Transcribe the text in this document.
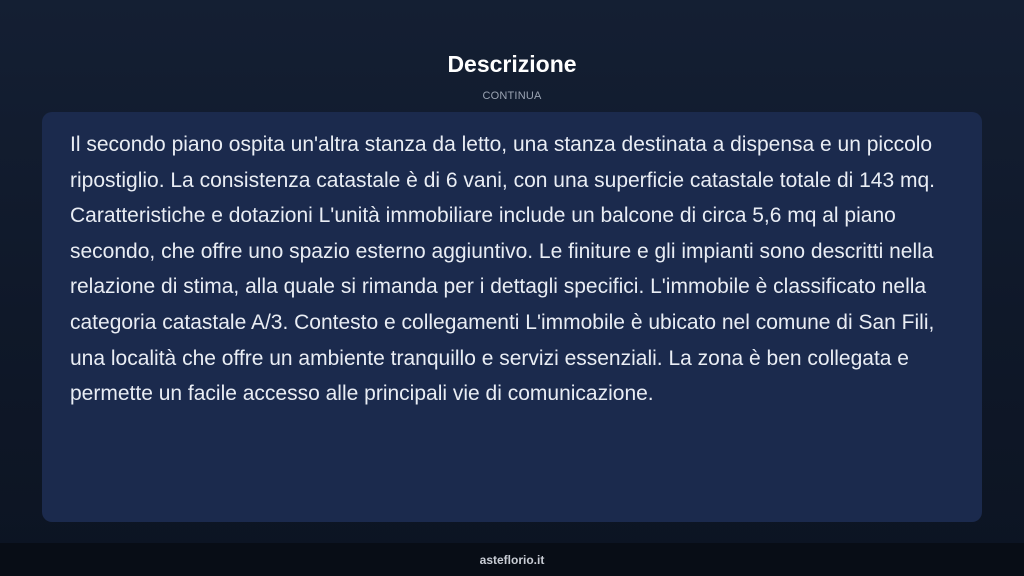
Descrizione
CONTINUA

Il secondo piano ospita un'altra stanza da letto, una stanza destinata a dispensa e un piccolo ripostiglio. La consistenza catastale è di 6 vani, con una superficie catastale totale di 143 mq. Caratteristiche e dotazioni L'unità immobiliare include un balcone di circa 5,6 mq al piano secondo, che offre uno spazio esterno aggiuntivo. Le finiture e gli impianti sono descritti nella relazione di stima, alla quale si rimanda per i dettagli specifici. L'immobile è classificato nella categoria catastale A/3. Contesto e collegamenti L'immobile è ubicato nel comune di San Fili, una località che offre un ambiente tranquillo e servizi essenziali. La zona è ben collegata e permette un facile accesso alle principali vie di comunicazione.

asteflorio.it
